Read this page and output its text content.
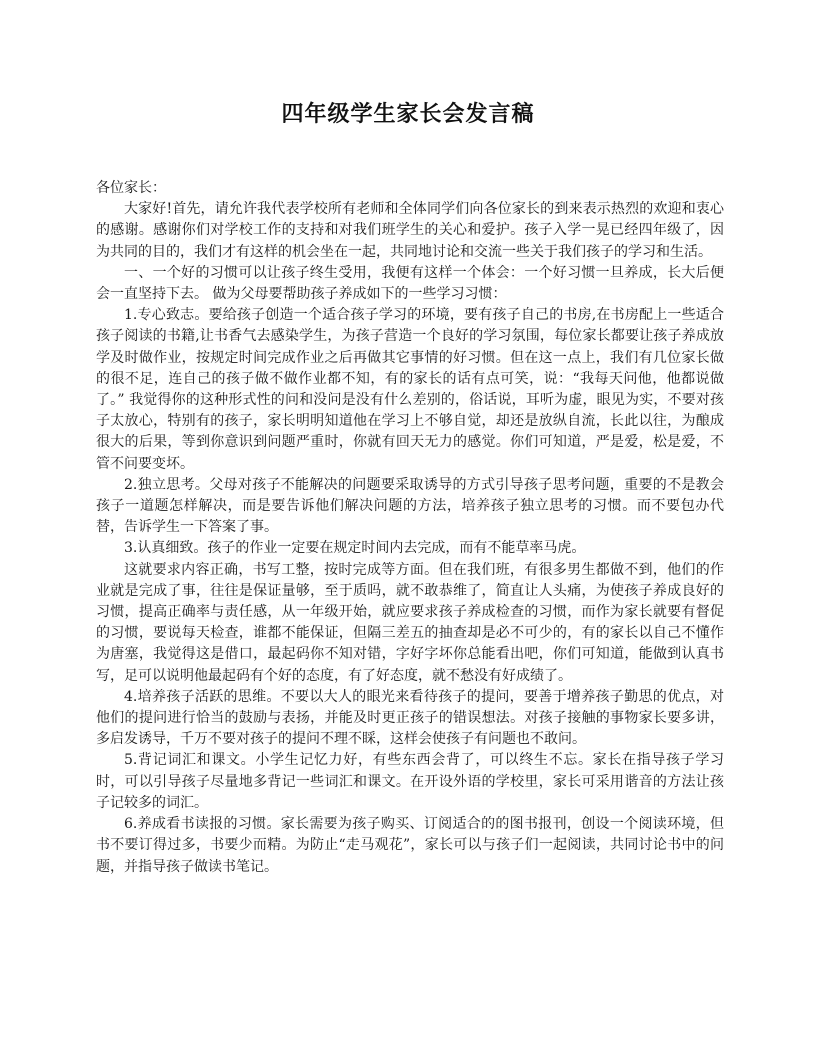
四年级学生家长会发言稿

各位家长：

大家好!首先，请允许我代表学校所有老师和全体同学们向各位家长的到来表示热烈的欢迎和衷心的感谢。感谢你们对学校工作的支持和对我们班学生的关心和爱护。孩子入学一晃已经四年级了，因为共同的目的，我们才有这样的机会坐在一起，共同地讨论和交流一些关于我们孩子的学习和生活。

一、一个好的习惯可以让孩子终生受用，我便有这样一个体会：一个好习惯一旦养成，长大后便会一直坚持下去。 做为父母要帮助孩子养成如下的一些学习习惯：

1.专心致志。要给孩子创造一个适合孩子学习的环境，要有孩子自己的书房,在书房配上一些适合孩子阅读的书籍,让书香气去感染学生，为孩子营造一个良好的学习氛围，每位家长都要让孩子养成放学及时做作业，按规定时间完成作业之后再做其它事情的好习惯。但在这一点上，我们有几位家长做的很不足，连自己的孩子做不做作业都不知，有的家长的话有点可笑，说：“我每天问他，他都说做了。” 我觉得你的这种形式性的问和没问是没有什么差别的，俗话说，耳听为虚，眼见为实，不要对孩子太放心，特别有的孩子，家长明明知道他在学习上不够自觉，却还是放纵自流，长此以往，为酿成很大的后果，等到你意识到问题严重时，你就有回天无力的感觉。你们可知道，严是爱，松是爱，不管不问要变坏。

2.独立思考。父母对孩子不能解决的问题要采取诱导的方式引导孩子思考问题，重要的不是教会孩子一道题怎样解决，而是要告诉他们解决问题的方法，培养孩子独立思考的习惯。而不要包办代替，告诉学生一下答案了事。

3.认真细致。孩子的作业一定要在规定时间内去完成，而有不能草率马虎。

这就要求内容正确，书写工整，按时完成等方面。但在我们班，有很多男生都做不到，他们的作业就是完成了事，往往是保证量够，至于质吗，就不敢恭维了，简直让人头痛，为使孩子养成良好的习惯，提高正确率与责任感，从一年级开始，就应要求孩子养成检查的习惯，而作为家长就要有督促的习惯，要说每天检查，谁都不能保证，但隔三差五的抽查却是必不可少的，有的家长以自己不懂作为唐塞，我觉得这是借口，最起码你不知对错，字好字坏你总能看出吧，你们可知道，能做到认真书写，足可以说明他最起码有个好的态度，有了好态度，就不愁没有好成绩了。

4.培养孩子活跃的思维。不要以大人的眼光来看待孩子的提问，要善于增养孩子勤思的优点，对他们的提问进行恰当的鼓励与表扬，并能及时更正孩子的错误想法。对孩子接触的事物家长要多讲，多启发诱导，千万不要对孩子的提问不理不睬，这样会使孩子有问题也不敢问。

5.背记词汇和课文。小学生记忆力好，有些东西会背了，可以终生不忘。家长在指导孩子学习时，可以引导孩子尽量地多背记一些词汇和课文。在开设外语的学校里，家长可采用谐音的方法让孩子记较多的词汇。

6.养成看书读报的习惯。家长需要为孩子购买、订阅适合的的图书报刊，创设一个阅读环境，但书不要订得过多，书要少而精。为防止“走马观花”，家长可以与孩子们一起阅读，共同讨论书中的问题，并指导孩子做读书笔记。
